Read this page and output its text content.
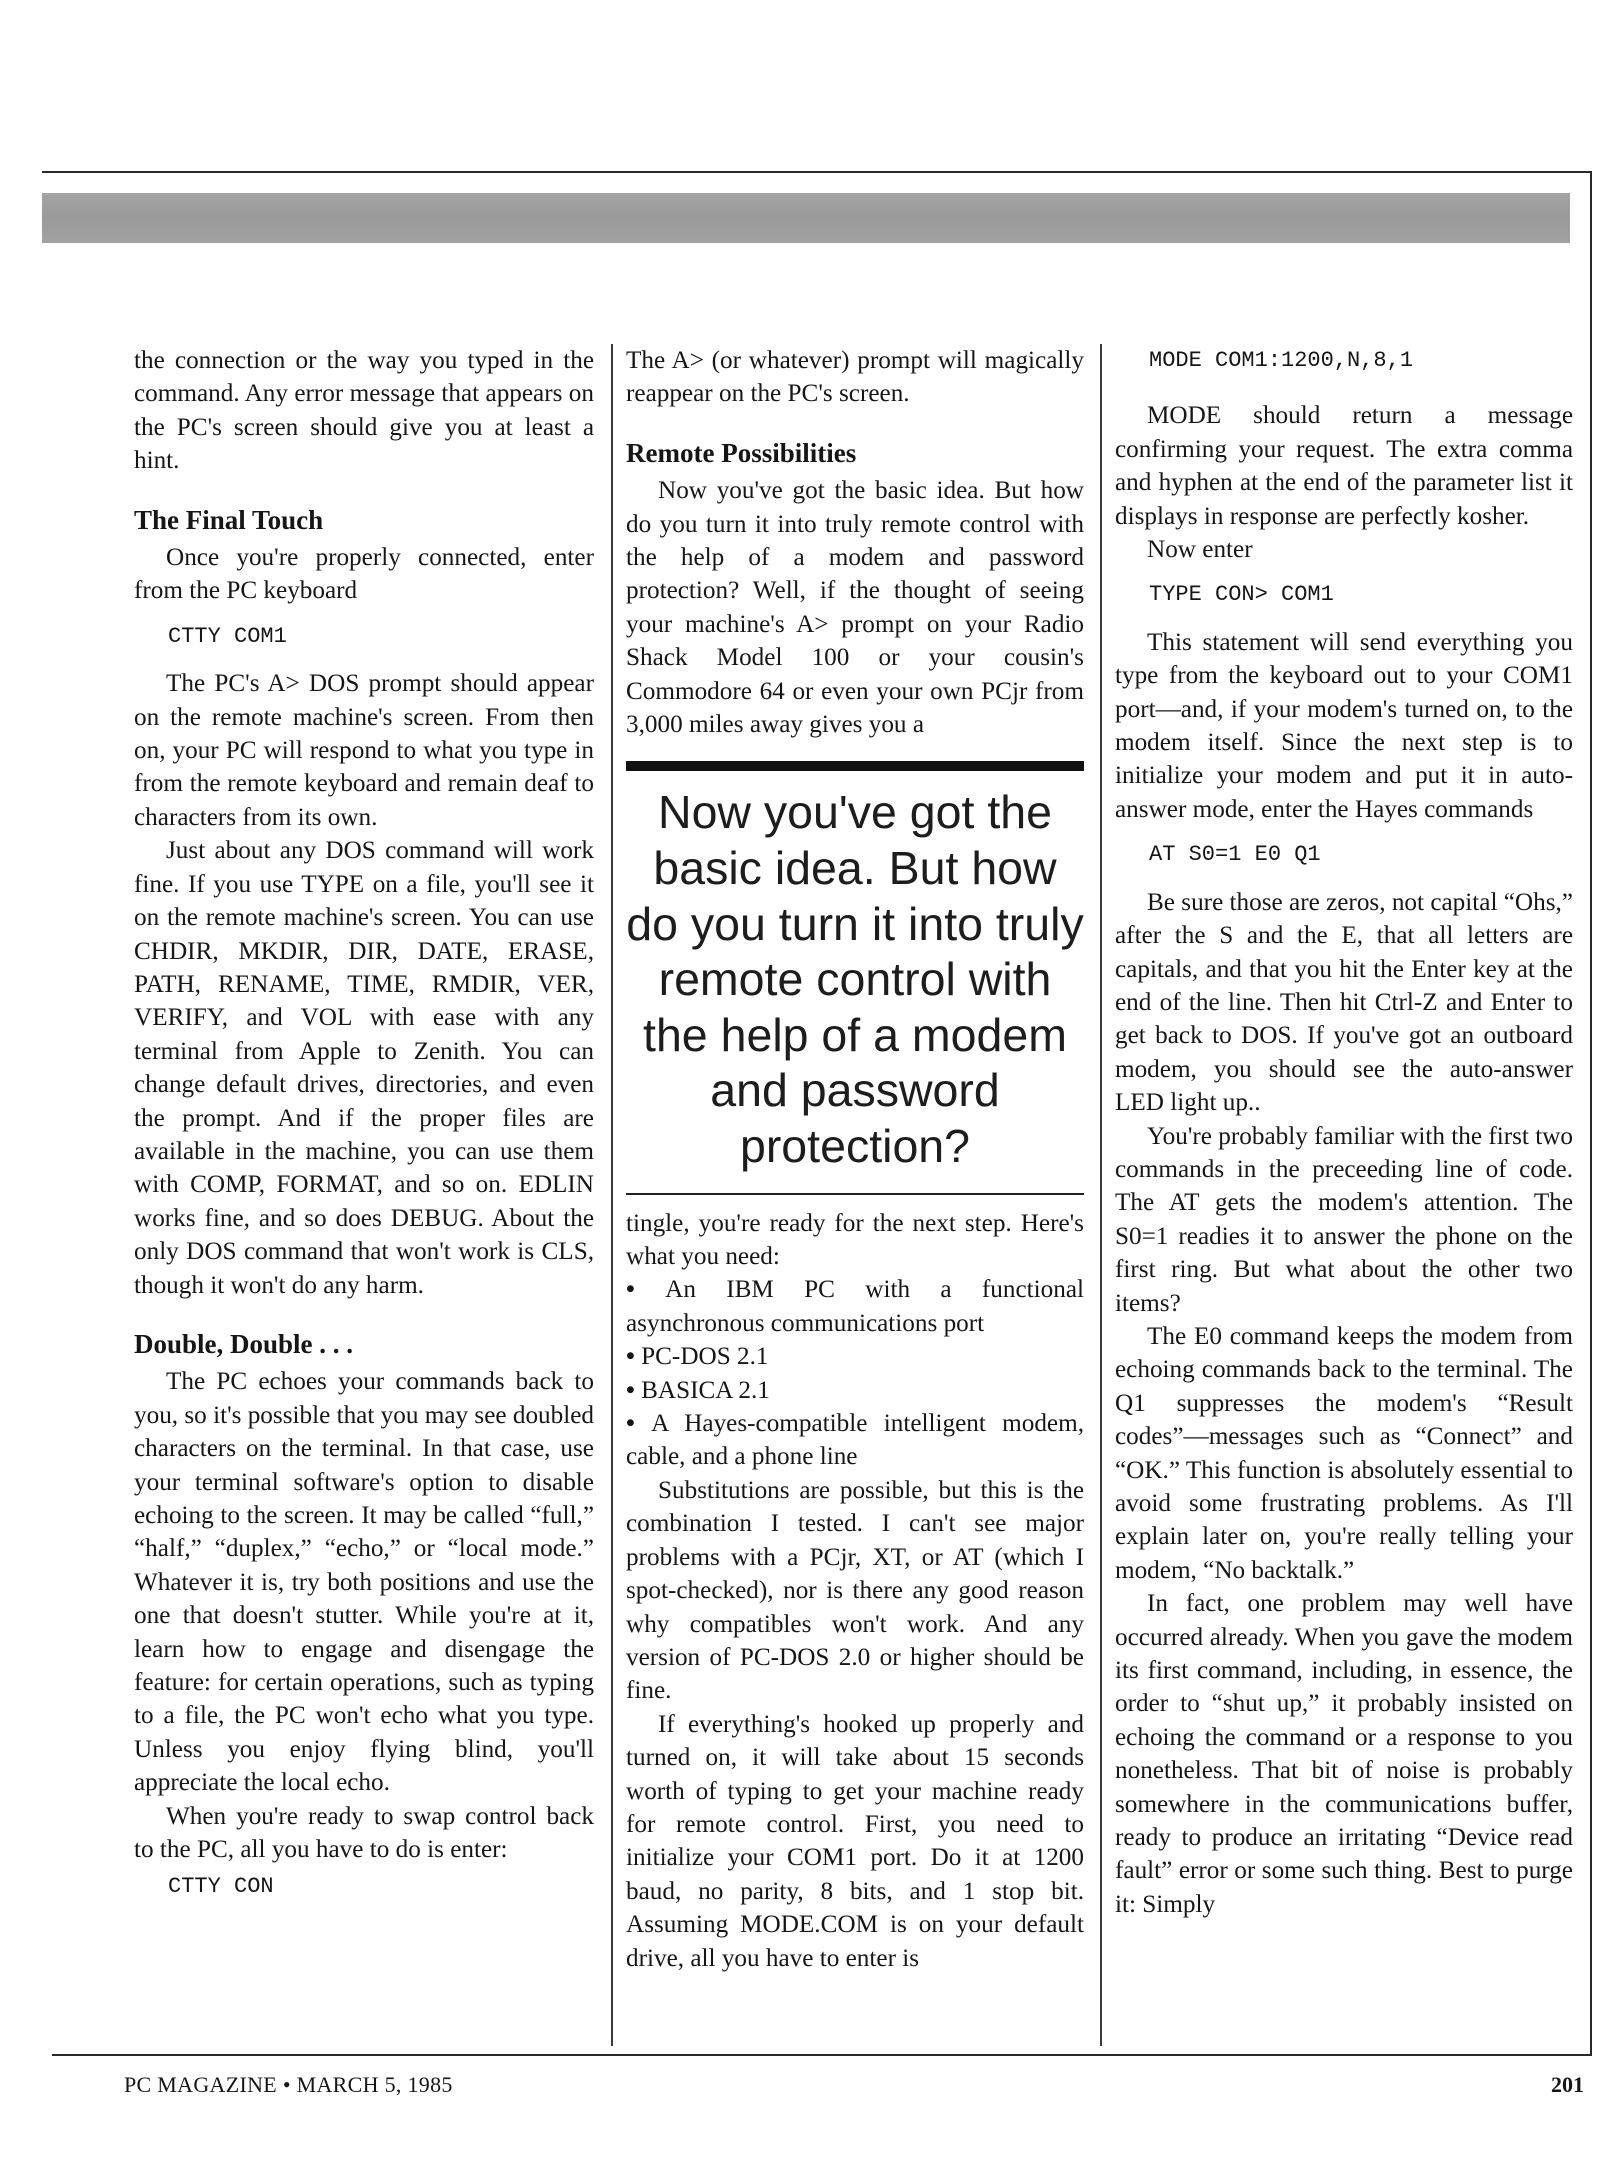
the connection or the way you typed in the command. Any error message that appears on the PC's screen should give you at least a hint.

The Final Touch

Once you're properly connected, enter from the PC keyboard

CTTY COM1

The PC's A> DOS prompt should appear on the remote machine's screen. From then on, your PC will respond to what you type in from the remote keyboard and remain deaf to characters from its own.

Just about any DOS command will work fine. If you use TYPE on a file, you'll see it on the remote machine's screen. You can use CHDIR, MKDIR, DIR, DATE, ERASE, PATH, RENAME, TIME, RMDIR, VER, VERIFY, and VOL with ease with any terminal from Apple to Zenith. You can change default drives, directories, and even the prompt. And if the proper files are available in the machine, you can use them with COMP, FORMAT, and so on. EDLIN works fine, and so does DEBUG. About the only DOS command that won't work is CLS, though it won't do any harm.

Double, Double . . .

The PC echoes your commands back to you, so it's possible that you may see doubled characters on the terminal. In that case, use your terminal software's option to disable echoing to the screen. It may be called “full,” “half,” “duplex,” “echo,” or “local mode.” Whatever it is, try both positions and use the one that doesn't stutter. While you're at it, learn how to engage and disengage the feature: for certain operations, such as typing to a file, the PC won't echo what you type. Unless you enjoy flying blind, you'll appreciate the local echo.

When you're ready to swap control back to the PC, all you have to do is enter:

CTTY CON

The A> (or whatever) prompt will magically reappear on the PC's screen.

Remote Possibilities

Now you've got the basic idea. But how do you turn it into truly remote control with the help of a modem and password protection? Well, if the thought of seeing your machine's A> prompt on your Radio Shack Model 100 or your cousin's Commodore 64 or even your own PCjr from 3,000 miles away gives you a

Now you've got the basic idea. But how do you turn it into truly remote control with the help of a modem and password protection?

tingle, you're ready for the next step. Here's what you need:

• An IBM PC with a functional asynchronous communications port
• PC-DOS 2.1
• BASICA 2.1
• A Hayes-compatible intelligent modem, cable, and a phone line

Substitutions are possible, but this is the combination I tested. I can't see major problems with a PCjr, XT, or AT (which I spot-checked), nor is there any good reason why compatibles won't work. And any version of PC-DOS 2.0 or higher should be fine.

If everything's hooked up properly and turned on, it will take about 15 seconds worth of typing to get your machine ready for remote control. First, you need to initialize your COM1 port. Do it at 1200 baud, no parity, 8 bits, and 1 stop bit. Assuming MODE.COM is on your default drive, all you have to enter is

MODE COM1:1200,N,8,1

MODE should return a message confirming your request. The extra comma and hyphen at the end of the parameter list it displays in response are perfectly kosher.

Now enter

TYPE CON> COM1

This statement will send everything you type from the keyboard out to your COM1 port—and, if your modem's turned on, to the modem itself. Since the next step is to initialize your modem and put it in auto-answer mode, enter the Hayes commands

AT S0=1 E0 Q1

Be sure those are zeros, not capital “Ohs,” after the S and the E, that all letters are capitals, and that you hit the Enter key at the end of the line. Then hit Ctrl-Z and Enter to get back to DOS. If you've got an outboard modem, you should see the auto-answer LED light up..

You're probably familiar with the first two commands in the preceeding line of code. The AT gets the modem's attention. The S0=1 readies it to answer the phone on the first ring. But what about the other two items?

The E0 command keeps the modem from echoing commands back to the terminal. The Q1 suppresses the modem's “Result codes”—messages such as “Connect” and “OK.” This function is absolutely essential to avoid some frustrating problems. As I'll explain later on, you're really telling your modem, “No backtalk.”

In fact, one problem may well have occurred already. When you gave the modem its first command, including, in essence, the order to “shut up,” it probably insisted on echoing the command or a response to you nonetheless. That bit of noise is probably somewhere in the communications buffer, ready to produce an irritating “Device read fault” error or some such thing. Best to purge it: Simply

PC MAGAZINE • MARCH 5, 1985	201
